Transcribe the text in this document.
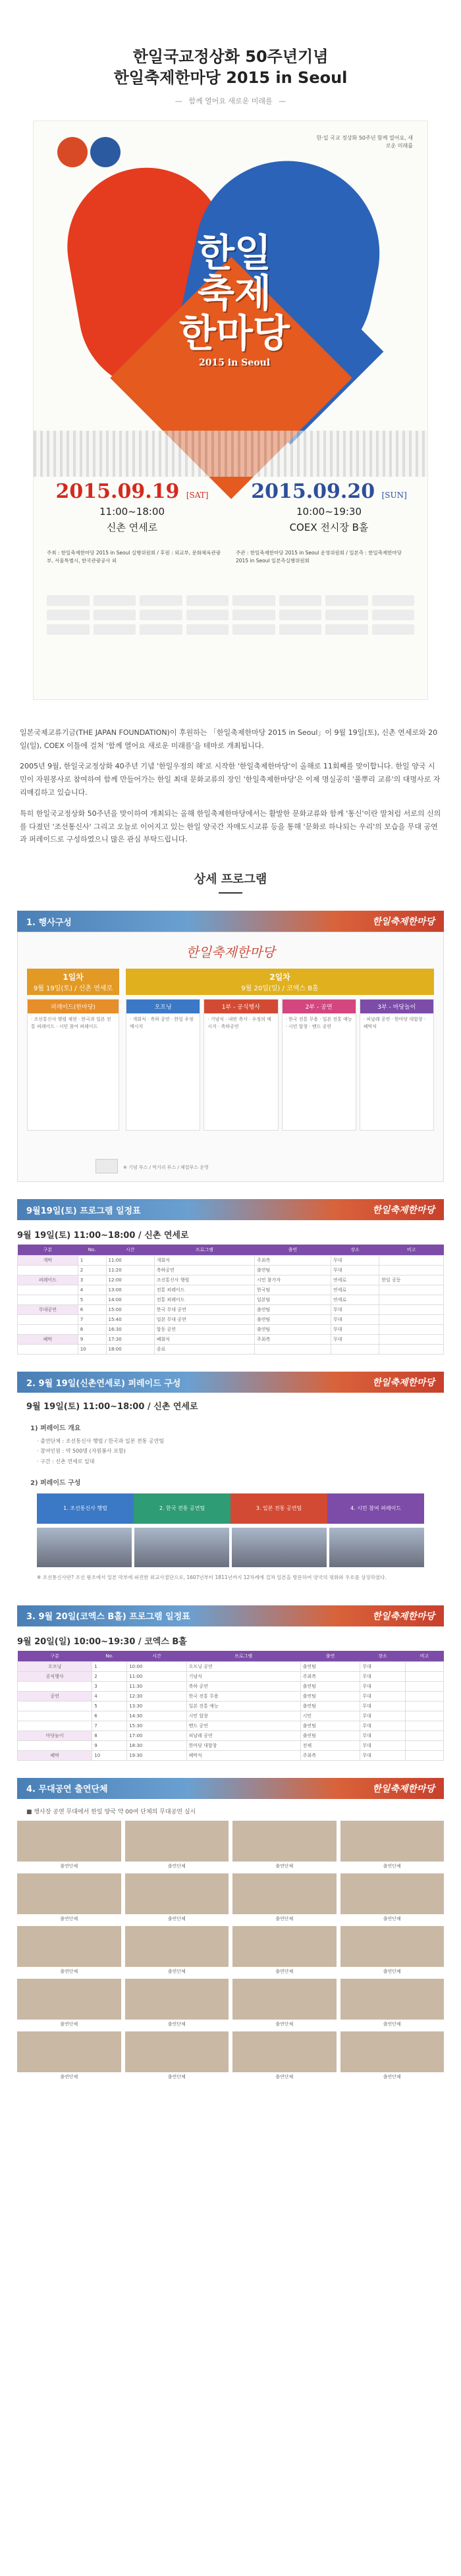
한일국교정상화 50주년기념
한일축제한마당 2015 in Seoul
— 함께 열어요 새로운 미래를 —
한·일 국교 정상화 50주년 함께 열어요, 새로운 미래를
한일
축제
한마당
2015 in Seoul
2015.09.19 [SAT]
11:00~18:00
신촌 연세로
2015.09.20 [SUN]
10:00~19:30
COEX 전시장 B홀
주최 : 한일축제한마당 2015 in Seoul 실행위원회 / 후원 : 외교부, 문화체육관광부, 서울특별시, 한국관광공사 외
주관 : 한일축제한마당 2015 in Seoul 운영위원회 / 일본측 : 한일축제한마당 2015 in Seoul 일본측실행위원회

일본국제교류기금(THE JAPAN FOUNDATION)이 후원하는 「한일축제한마당 2015 in Seoul」이 9월 19일(토), 신촌 연세로와 20일(일), COEX 이틀에 걸쳐 '함께 열어요 새로운 미래를'을 테마로 개최됩니다.

2005년 9월, 한일국교정상화 40주년 기념 '한일우정의 해'로 시작한 '한일축제한마당'이 올해로 11회째를 맞이합니다. 한일 양국 시민이 자원봉사로 참여하여 함께 만들어가는 한일 최대 문화교류의 장인 '한일축제한마당'은 이제 명실공히 '풀뿌리 교류'의 대명사로 자리매김하고 있습니다.

특히 한일국교정상화 50주년을 맞이하여 개최되는 올해 한일축제한마당에서는 활발한 문화교류와 함께 '통신'이란 말처럼 서로의 신의를 다졌던 '조선통신사' 그리고 오늘로 이어지고 있는 한일 양국간 자매도시교류 등을 통해 '문화로 하나되는 우리'의 모습을 무대 공연과 퍼레이드로 구성하였으니 많은 관심 부탁드립니다.

상세 프로그램
1. 행사구성	한일축제한마당
한일축제한마당
1일차
9월 19일(토) / 신촌 연세로
퍼레이드(한마당)
· 조선통신사 행렬 재현 · 한국과 일본 전통 퍼레이드 · 시민 참여 퍼레이드
2일차
9월 20일(일) / 코엑스 B홀
오프닝
· 개회식 · 축하 공연 · 한일 우정 메시지
1부 - 공식행사
· 기념식 · 내빈 축사 · 우정의 메시지 · 축하공연
2부 - 공연
· 한국 전통 무용 · 일본 전통 예능 · 시민 합창 · 밴드 공연
3부 - 마당놀이
· 피날레 공연 · 한마당 대합창 · 폐막식
※ 기념 부스 / 먹거리 부스 / 체험부스 운영
9월19일(토) 프로그램 일정표	한일축제한마당
9월 19일(토) 11:00~18:00 / 신촌 연세로
구분	No.	시간	프로그램	출연	장소	비고
개막	1	11:00	개회식	주최측	무대	
	2	11:20	축하공연	출연팀	무대	
퍼레이드	3	12:00	조선통신사 행렬	시민 참가자	연세로	한일 공동
	4	13:00	전통 퍼레이드	한국팀	연세로	
	5	14:00	전통 퍼레이드	일본팀	연세로	
무대공연	6	15:00	한국 무대 공연	출연팀	무대	
	7	15:40	일본 무대 공연	출연팀	무대	
	8	16:30	합동 공연	출연팀	무대	
폐막	9	17:30	폐회식	주최측	무대	
	10	18:00	종료			
2. 9월 19일(신촌연세로) 퍼레이드 구성	한일축제한마당
9월 19일(토) 11:00~18:00 / 신촌 연세로
1) 퍼레이드 개요
· 출연단체 : 조선통신사 행렬 / 한국과 일본 전통 공연팀
· 참여인원 : 약 500명 (자원봉사 포함)
· 구간 : 신촌 연세로 일대
2) 퍼레이드 구성
1. 조선통신사 행렬	2. 한국 전통 공연팀	3. 일본 전통 공연팀	4. 시민 참여 퍼레이드
※ 조선통신사란? 조선 왕조에서 일본 막부에 파견한 외교사절단으로, 1607년부터 1811년까지 12차례에 걸쳐 일본을 방문하여 양국의 평화와 우호를 상징하였다.
3. 9월 20일(코엑스 B홀) 프로그램 일정표	한일축제한마당
9월 20일(일) 10:00~19:30 / 코엑스 B홀
구분	No.	시간	프로그램	출연	장소	비고
오프닝	1	10:00	오프닝 공연	출연팀	무대	
공식행사	2	11:00	기념식	주최측	무대	
	3	11:30	축하 공연	출연팀	무대	
공연	4	12:30	한국 전통 무용	출연팀	무대	
	5	13:30	일본 전통 예능	출연팀	무대	
	6	14:30	시민 합창	시민	무대	
	7	15:30	밴드 공연	출연팀	무대	
마당놀이	8	17:00	피날레 공연	출연팀	무대	
	9	18:30	한마당 대합창	전체	무대	
폐막	10	19:30	폐막식	주최측	무대	
4. 무대공연 출연단체	한일축제한마당
■ 행사장 공연 무대에서 한일 양국 약 00여 단체의 무대공연 실시
출연단체	출연단체	출연단체	출연단체
출연단체	출연단체	출연단체	출연단체
출연단체	출연단체	출연단체	출연단체
출연단체	출연단체	출연단체	출연단체
출연단체	출연단체	출연단체	출연단체
